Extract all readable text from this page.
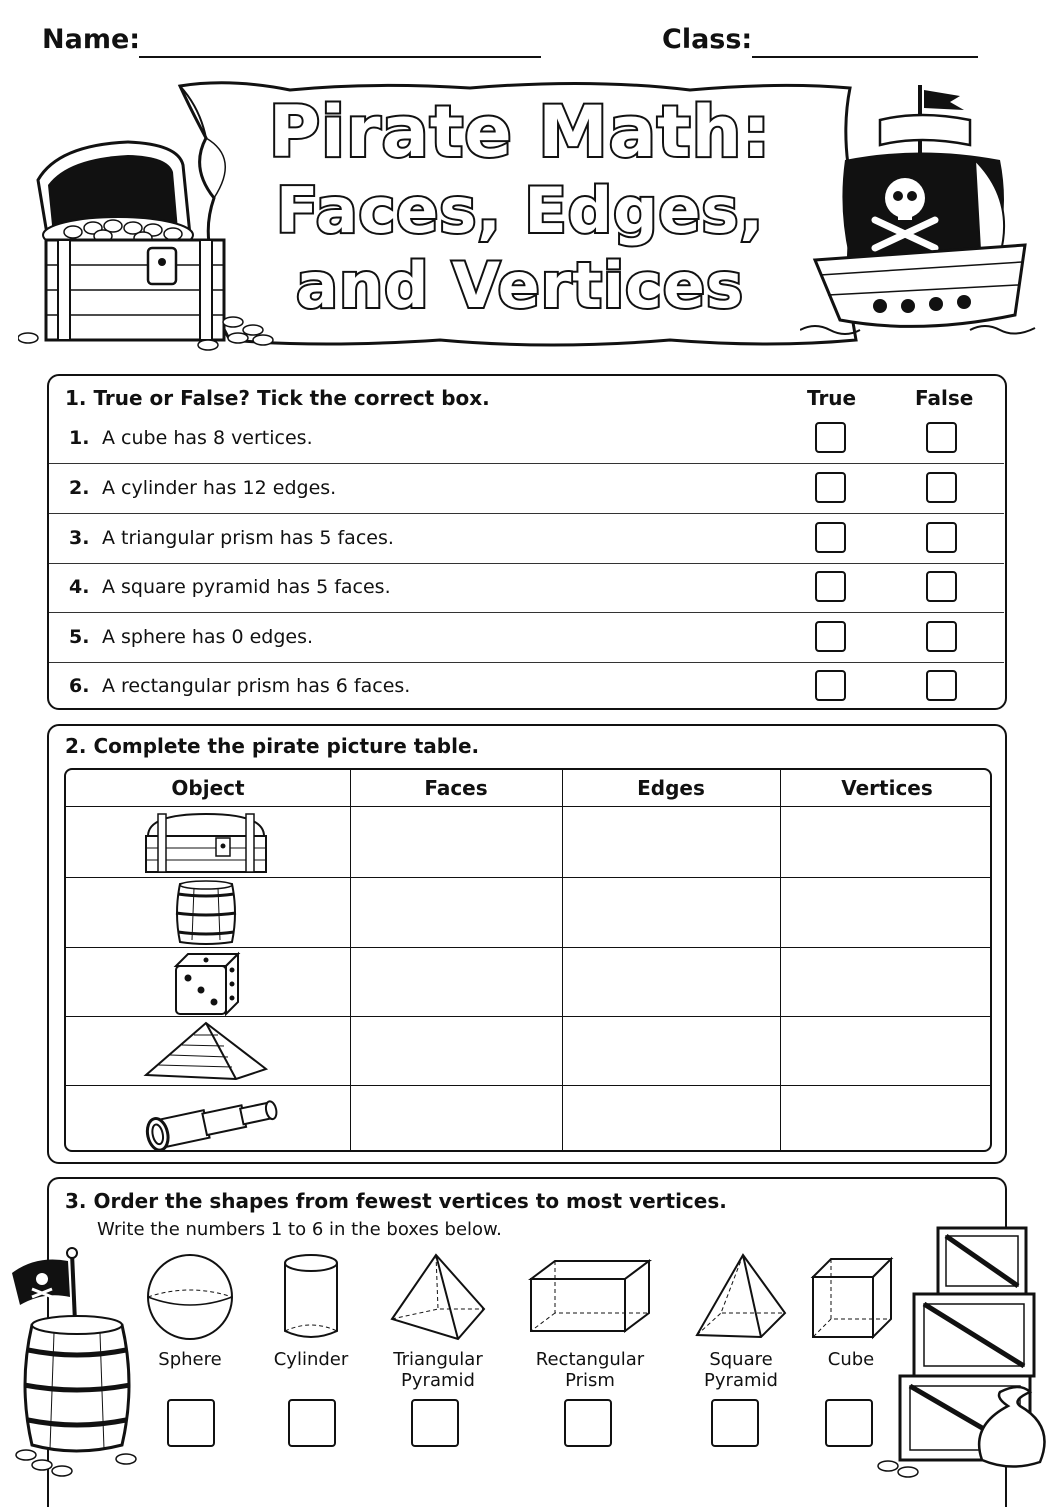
Name:	Class:
Pirate Math:
Faces, Edges,
and Vertices
1. True or False? Tick the correct box.	True	False
1. A cube has 8 vertices.
2. A cylinder has 12 edges.
3. A triangular prism has 5 faces.
4. A square pyramid has 5 faces.
5. A sphere has 0 edges.
6. A rectangular prism has 6 faces.
2. Complete the pirate picture table.
Object	Faces	Edges	Vertices
3. Order the shapes from fewest vertices to most vertices.
Write the numbers 1 to 6 in the boxes below.
Sphere	Cylinder	Triangular
Pyramid
Rectangular
Prism
Square
Pyramid
Cube
